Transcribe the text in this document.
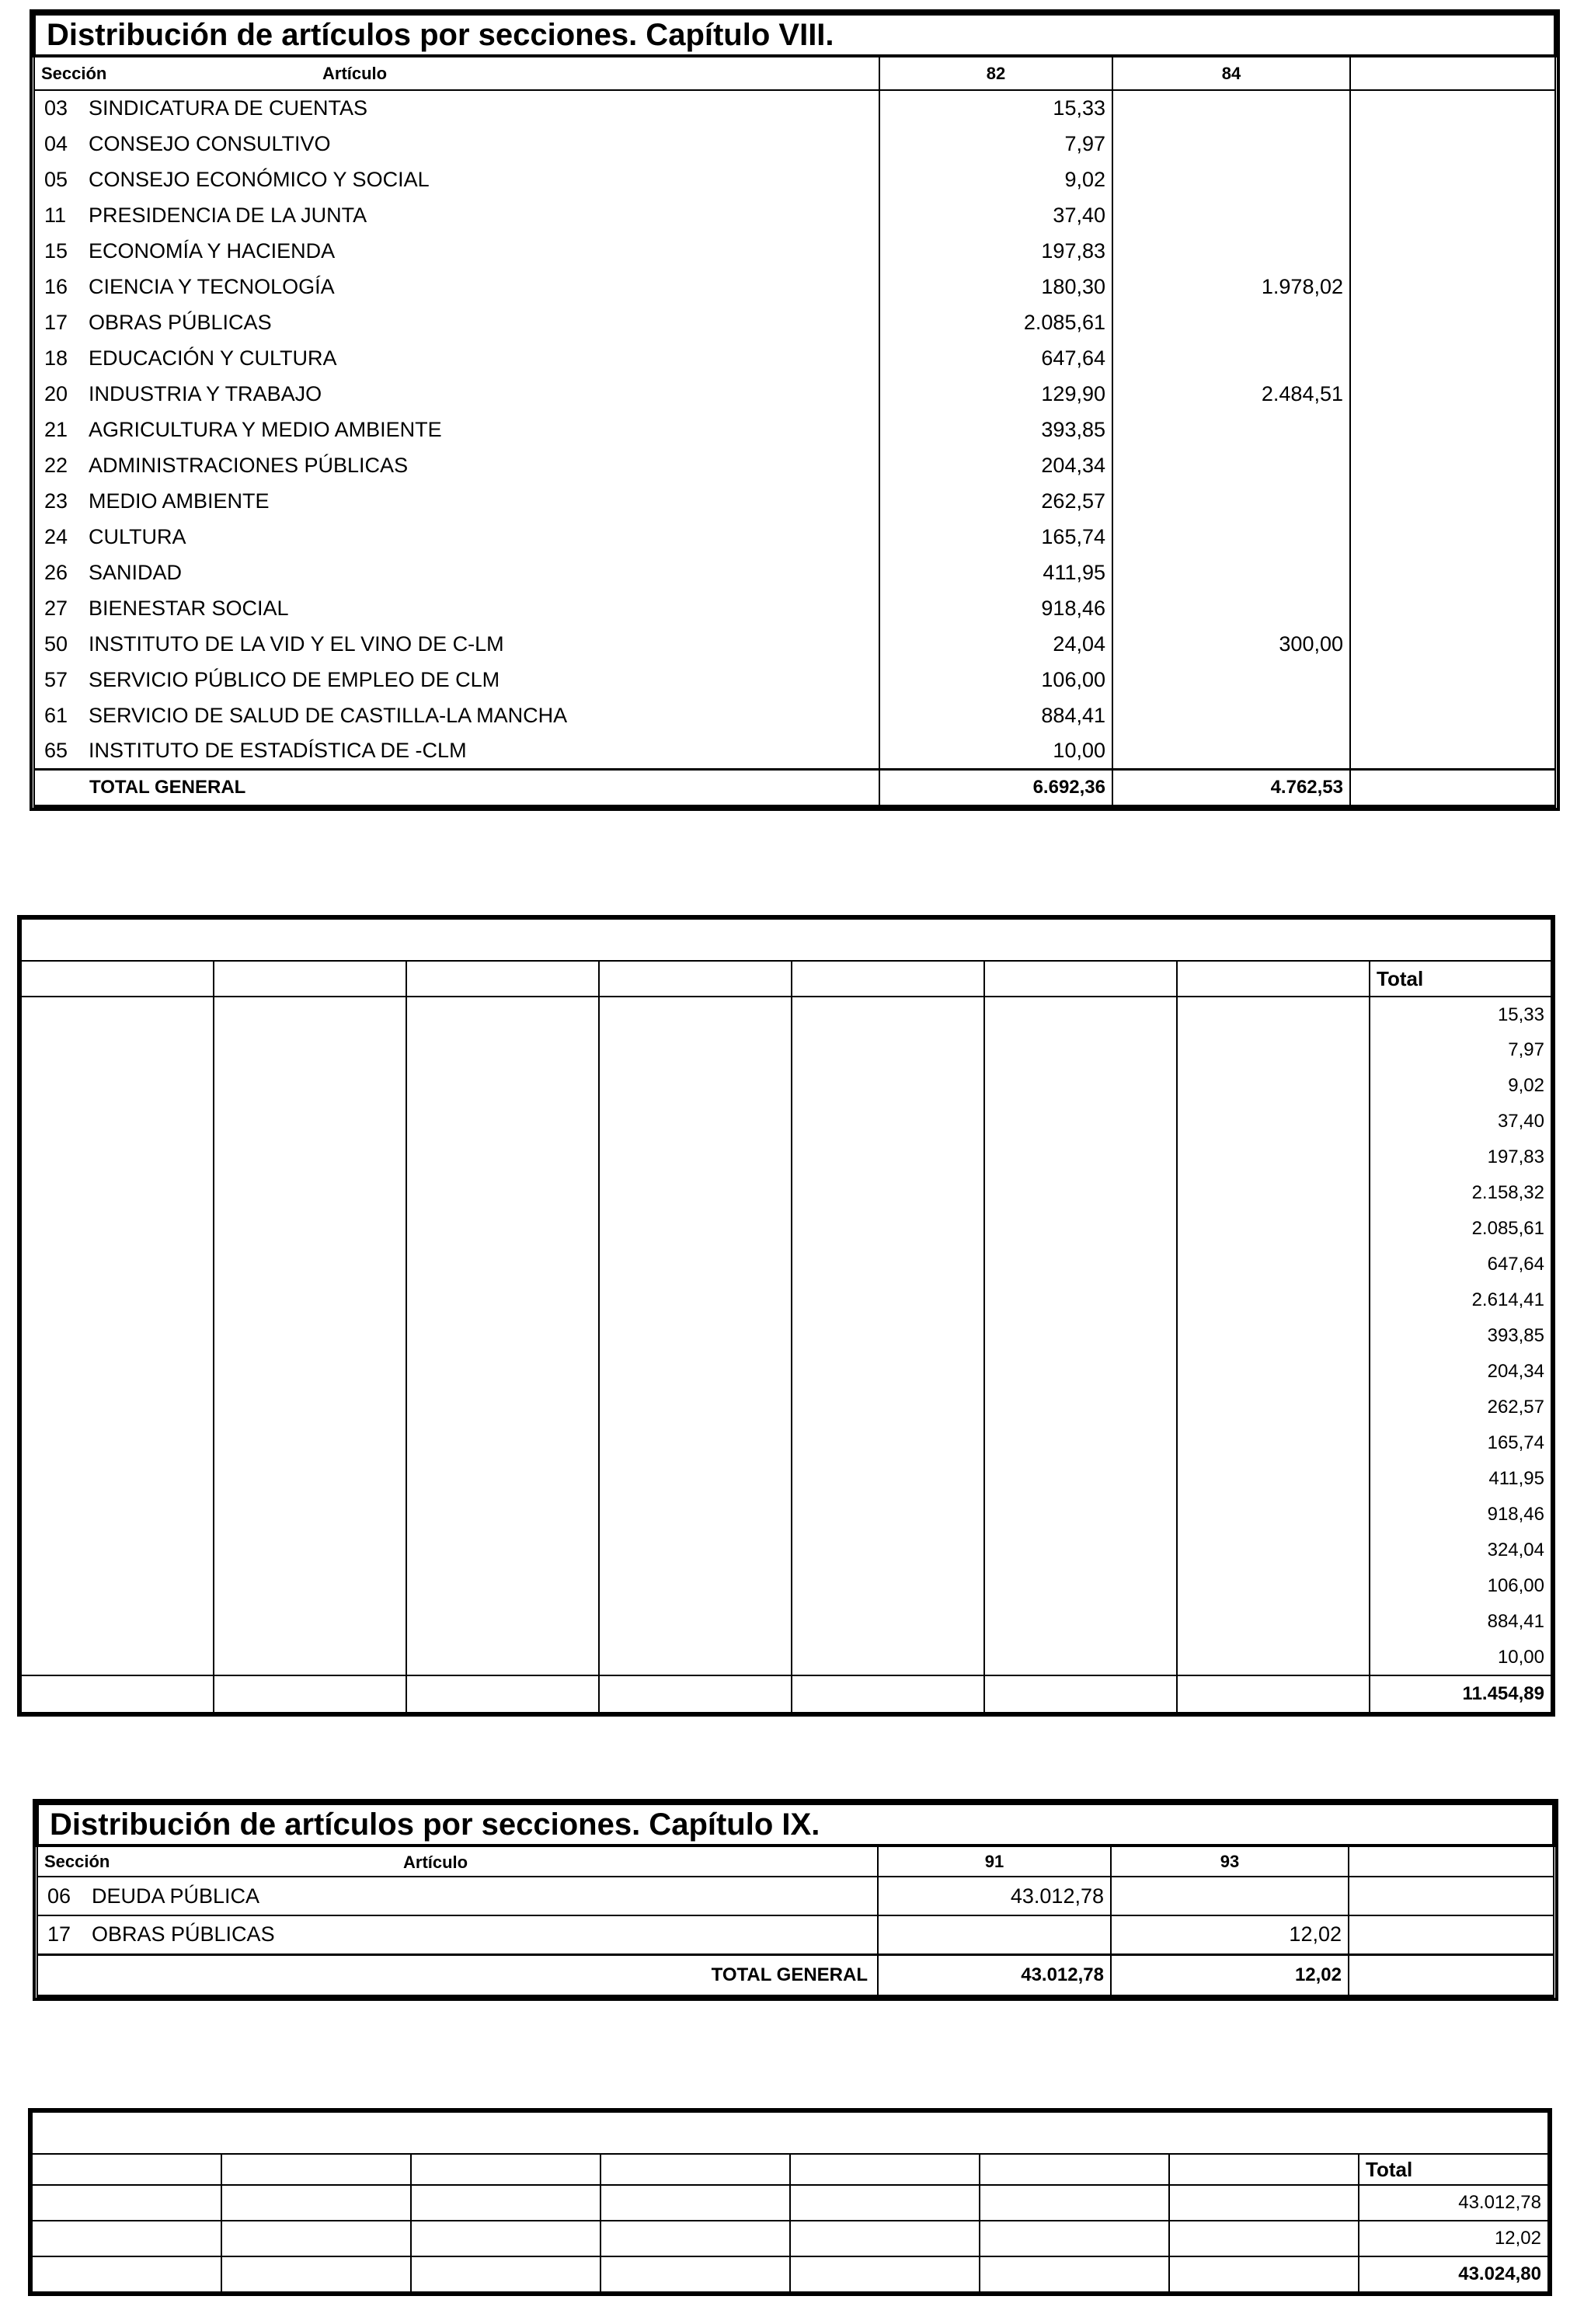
Distribución de artículos por secciones. Capítulo VIII.				
Sección Artículo		82	84	
03	SINDICATURA DE CUENTAS	15,33		
04	CONSEJO CONSULTIVO	7,97		
05	CONSEJO ECONÓMICO Y SOCIAL	9,02		
11	PRESIDENCIA DE LA JUNTA	37,40		
15	ECONOMÍA Y HACIENDA	197,83		
16	CIENCIA Y TECNOLOGÍA	180,30	1.978,02	
17	OBRAS PÚBLICAS	2.085,61		
18	EDUCACIÓN Y CULTURA	647,64		
20	INDUSTRIA Y TRABAJO	129,90	2.484,51	
21	AGRICULTURA Y MEDIO AMBIENTE	393,85		
22	ADMINISTRACIONES PÚBLICAS	204,34		
23	MEDIO AMBIENTE	262,57		
24	CULTURA	165,74		
26	SANIDAD	411,95		
27	BIENESTAR SOCIAL	918,46		
50	INSTITUTO DE LA VID Y EL VINO DE C-LM	24,04	300,00	
57	SERVICIO PÚBLICO DE EMPLEO DE CLM	106,00		
61	SERVICIO DE SALUD DE CASTILLA-LA MANCHA	884,41		
65	INSTITUTO DE ESTADÍSTICA DE -CLM	10,00		
TOTAL GENERAL		6.692,36	4.762,53	

							Total
							15,33
							7,97
							9,02
							37,40
							197,83
							2.158,32
							2.085,61
							647,64
							2.614,41
							393,85
							204,34
							262,57
							165,74
							411,95
							918,46
							324,04
							106,00
							884,41
							10,00
							11.454,89
Distribución de artículos por secciones. Capítulo IX.				
Sección Artículo		91	93	
06	DEUDA PÚBLICA	43.012,78		
17	OBRAS PÚBLICAS		12,02	
TOTAL GENERAL		43.012,78	12,02	

							Total
							43.012,78
							12,02
							43.024,80
